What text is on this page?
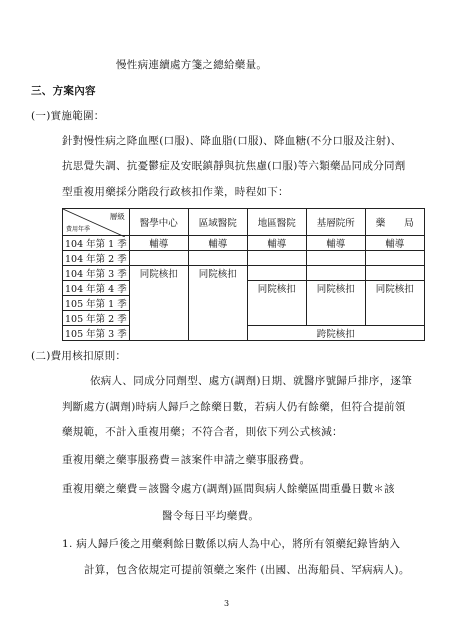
慢性病連續處方箋之總給藥量。
三、方案內容
(一)實施範圍：
針對慢性病之降血壓(口服)、降血脂(口服)、降血糖(不分口服及注射)、
抗思覺失調、抗憂鬱症及安眠鎮靜與抗焦慮(口服)等六類藥品同成分同劑
型重複用藥採分階段行政核扣作業，時程如下：
層級
費用年季	醫學中心	區域醫院	地區醫院	基層院所	藥　　局

104 年第 1 季	輔導	輔導	輔導	輔導	輔導
104 年第 2 季					
104 年第 3 季	同院核扣	同院核扣			
104 年第 4 季			同院核扣	同院核扣	同院核扣
105 年第 1 季					
105 年第 2 季					
105 年第 3 季			跨院核扣		
(二)費用核扣原則：
依病人、同成分同劑型、處方(調劑)日期、就醫序號歸戶排序，逐筆
判斷處方(調劑)時病人歸戶之餘藥日數，若病人仍有餘藥，但符合提前領
藥規範，不計入重複用藥；不符合者，則依下列公式核減：
重複用藥之藥事服務費＝該案件申請之藥事服務費。
重複用藥之藥費＝該醫令處方(調劑)區間與病人餘藥區間重疊日數＊該
醫令每日平均藥費。
1. 病人歸戶後之用藥剩餘日數係以病人為中心，將所有領藥紀錄皆納入
計算，包含依規定可提前領藥之案件 (出國、出海船員、罕病病人)。
3
